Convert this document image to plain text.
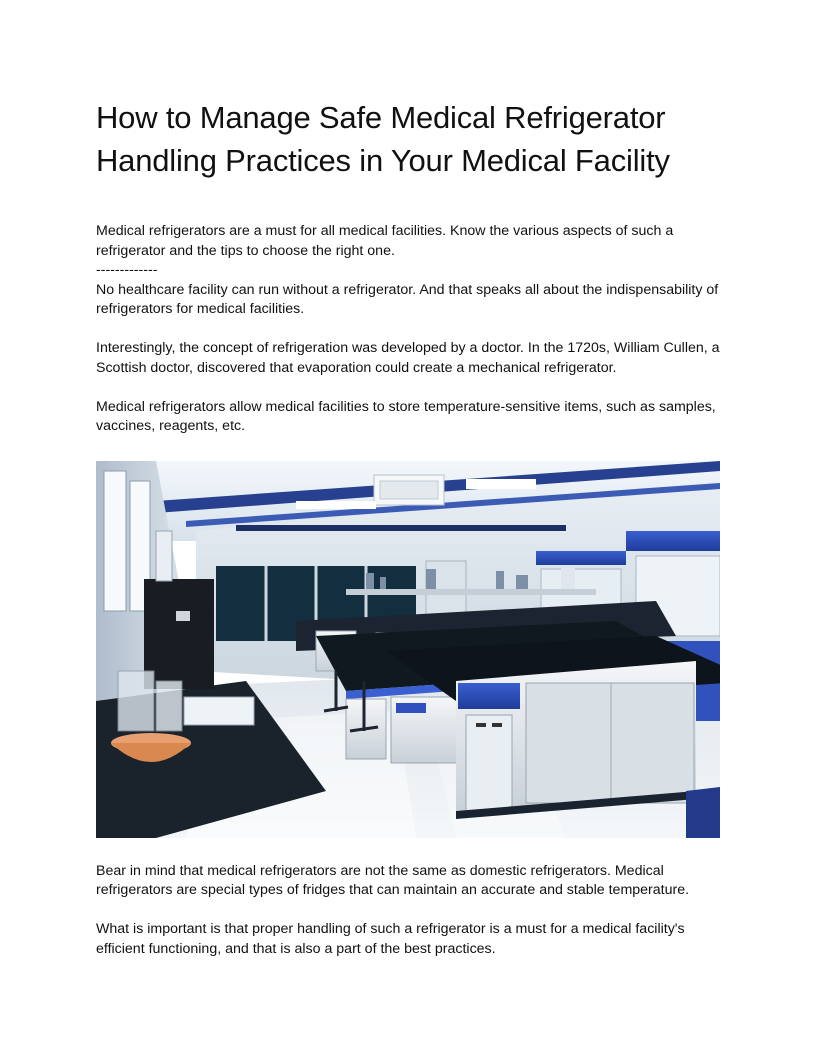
How to Manage Safe Medical Refrigerator Handling Practices in Your Medical Facility

Medical refrigerators are a must for all medical facilities. Know the various aspects of such a refrigerator and the tips to choose the right one.

-------------

No healthcare facility can run without a refrigerator. And that speaks all about the indispensability of refrigerators for medical facilities.

Interestingly, the concept of refrigeration was developed by a doctor. In the 1720s, William Cullen, a Scottish doctor, discovered that evaporation could create a mechanical refrigerator.

Medical refrigerators allow medical facilities to store temperature-sensitive items, such as samples, vaccines, reagents, etc.

Bear in mind that medical refrigerators are not the same as domestic refrigerators. Medical refrigerators are special types of fridges that can maintain an accurate and stable temperature.

What is important is that proper handling of such a refrigerator is a must for a medical facility's efficient functioning, and that is also a part of the best practices.
